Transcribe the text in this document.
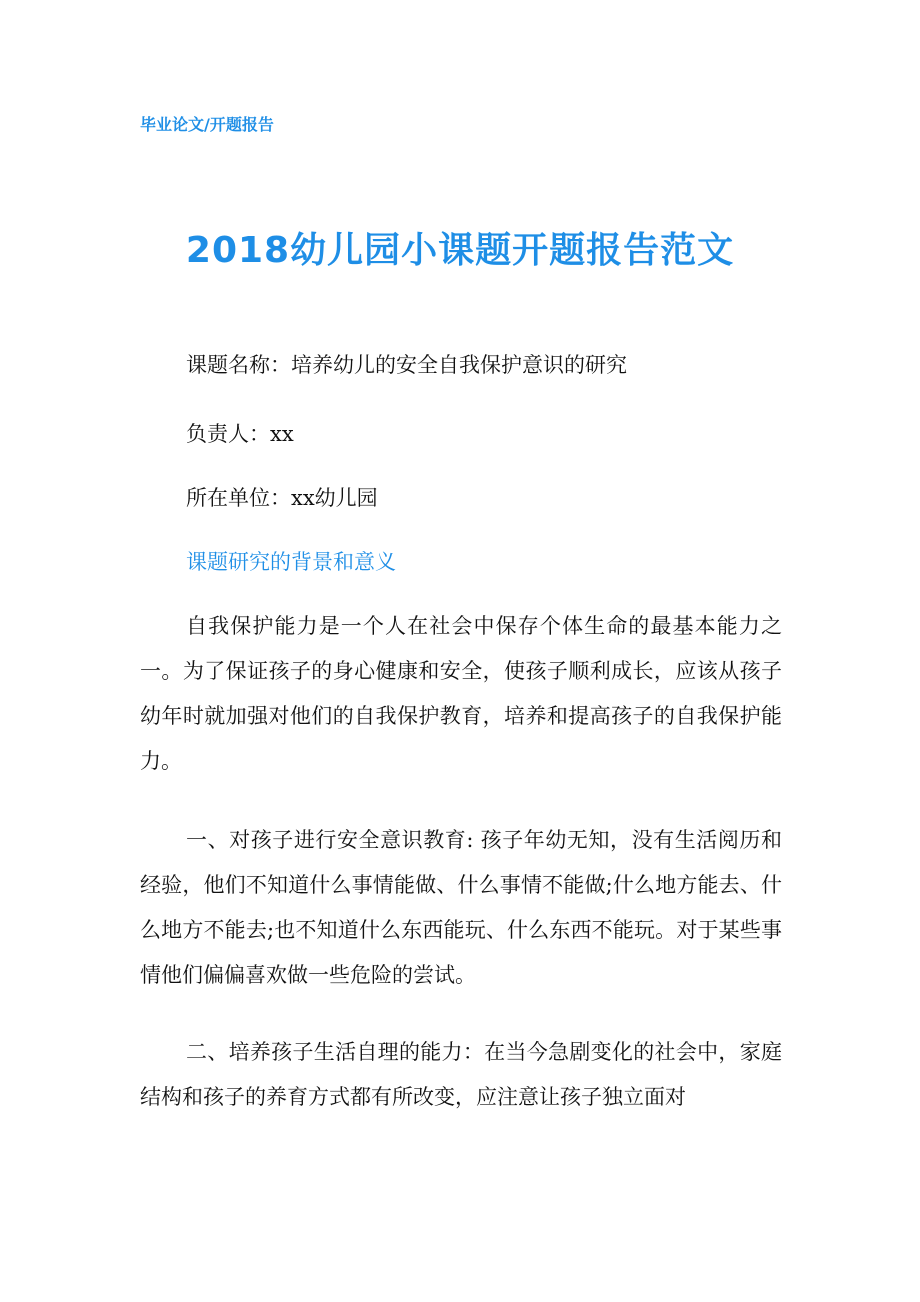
毕业论文/开题报告
2018幼儿园小课题开题报告范文
课题名称：培养幼儿的安全自我保护意识的研究
负责人：xx
所在单位：xx幼儿园
课题研究的背景和意义

自我保护能力是一个人在社会中保存个体生命的最基本能力之一。为了保证孩子的身心健康和安全，使孩子顺利成长，应该从孩子幼年时就加强对他们的自我保护教育，培养和提高孩子的自我保护能力。

一、对孩子进行安全意识教育: 孩子年幼无知，没有生活阅历和经验，他们不知道什么事情能做、什么事情不能做;什么地方能去、什么地方不能去;也不知道什么东西能玩、什么东西不能玩。对于某些事情他们偏偏喜欢做一些危险的尝试。

二、培养孩子生活自理的能力：在当今急剧变化的社会中，家庭结构和孩子的养育方式都有所改变，应注意让孩子独立面对
